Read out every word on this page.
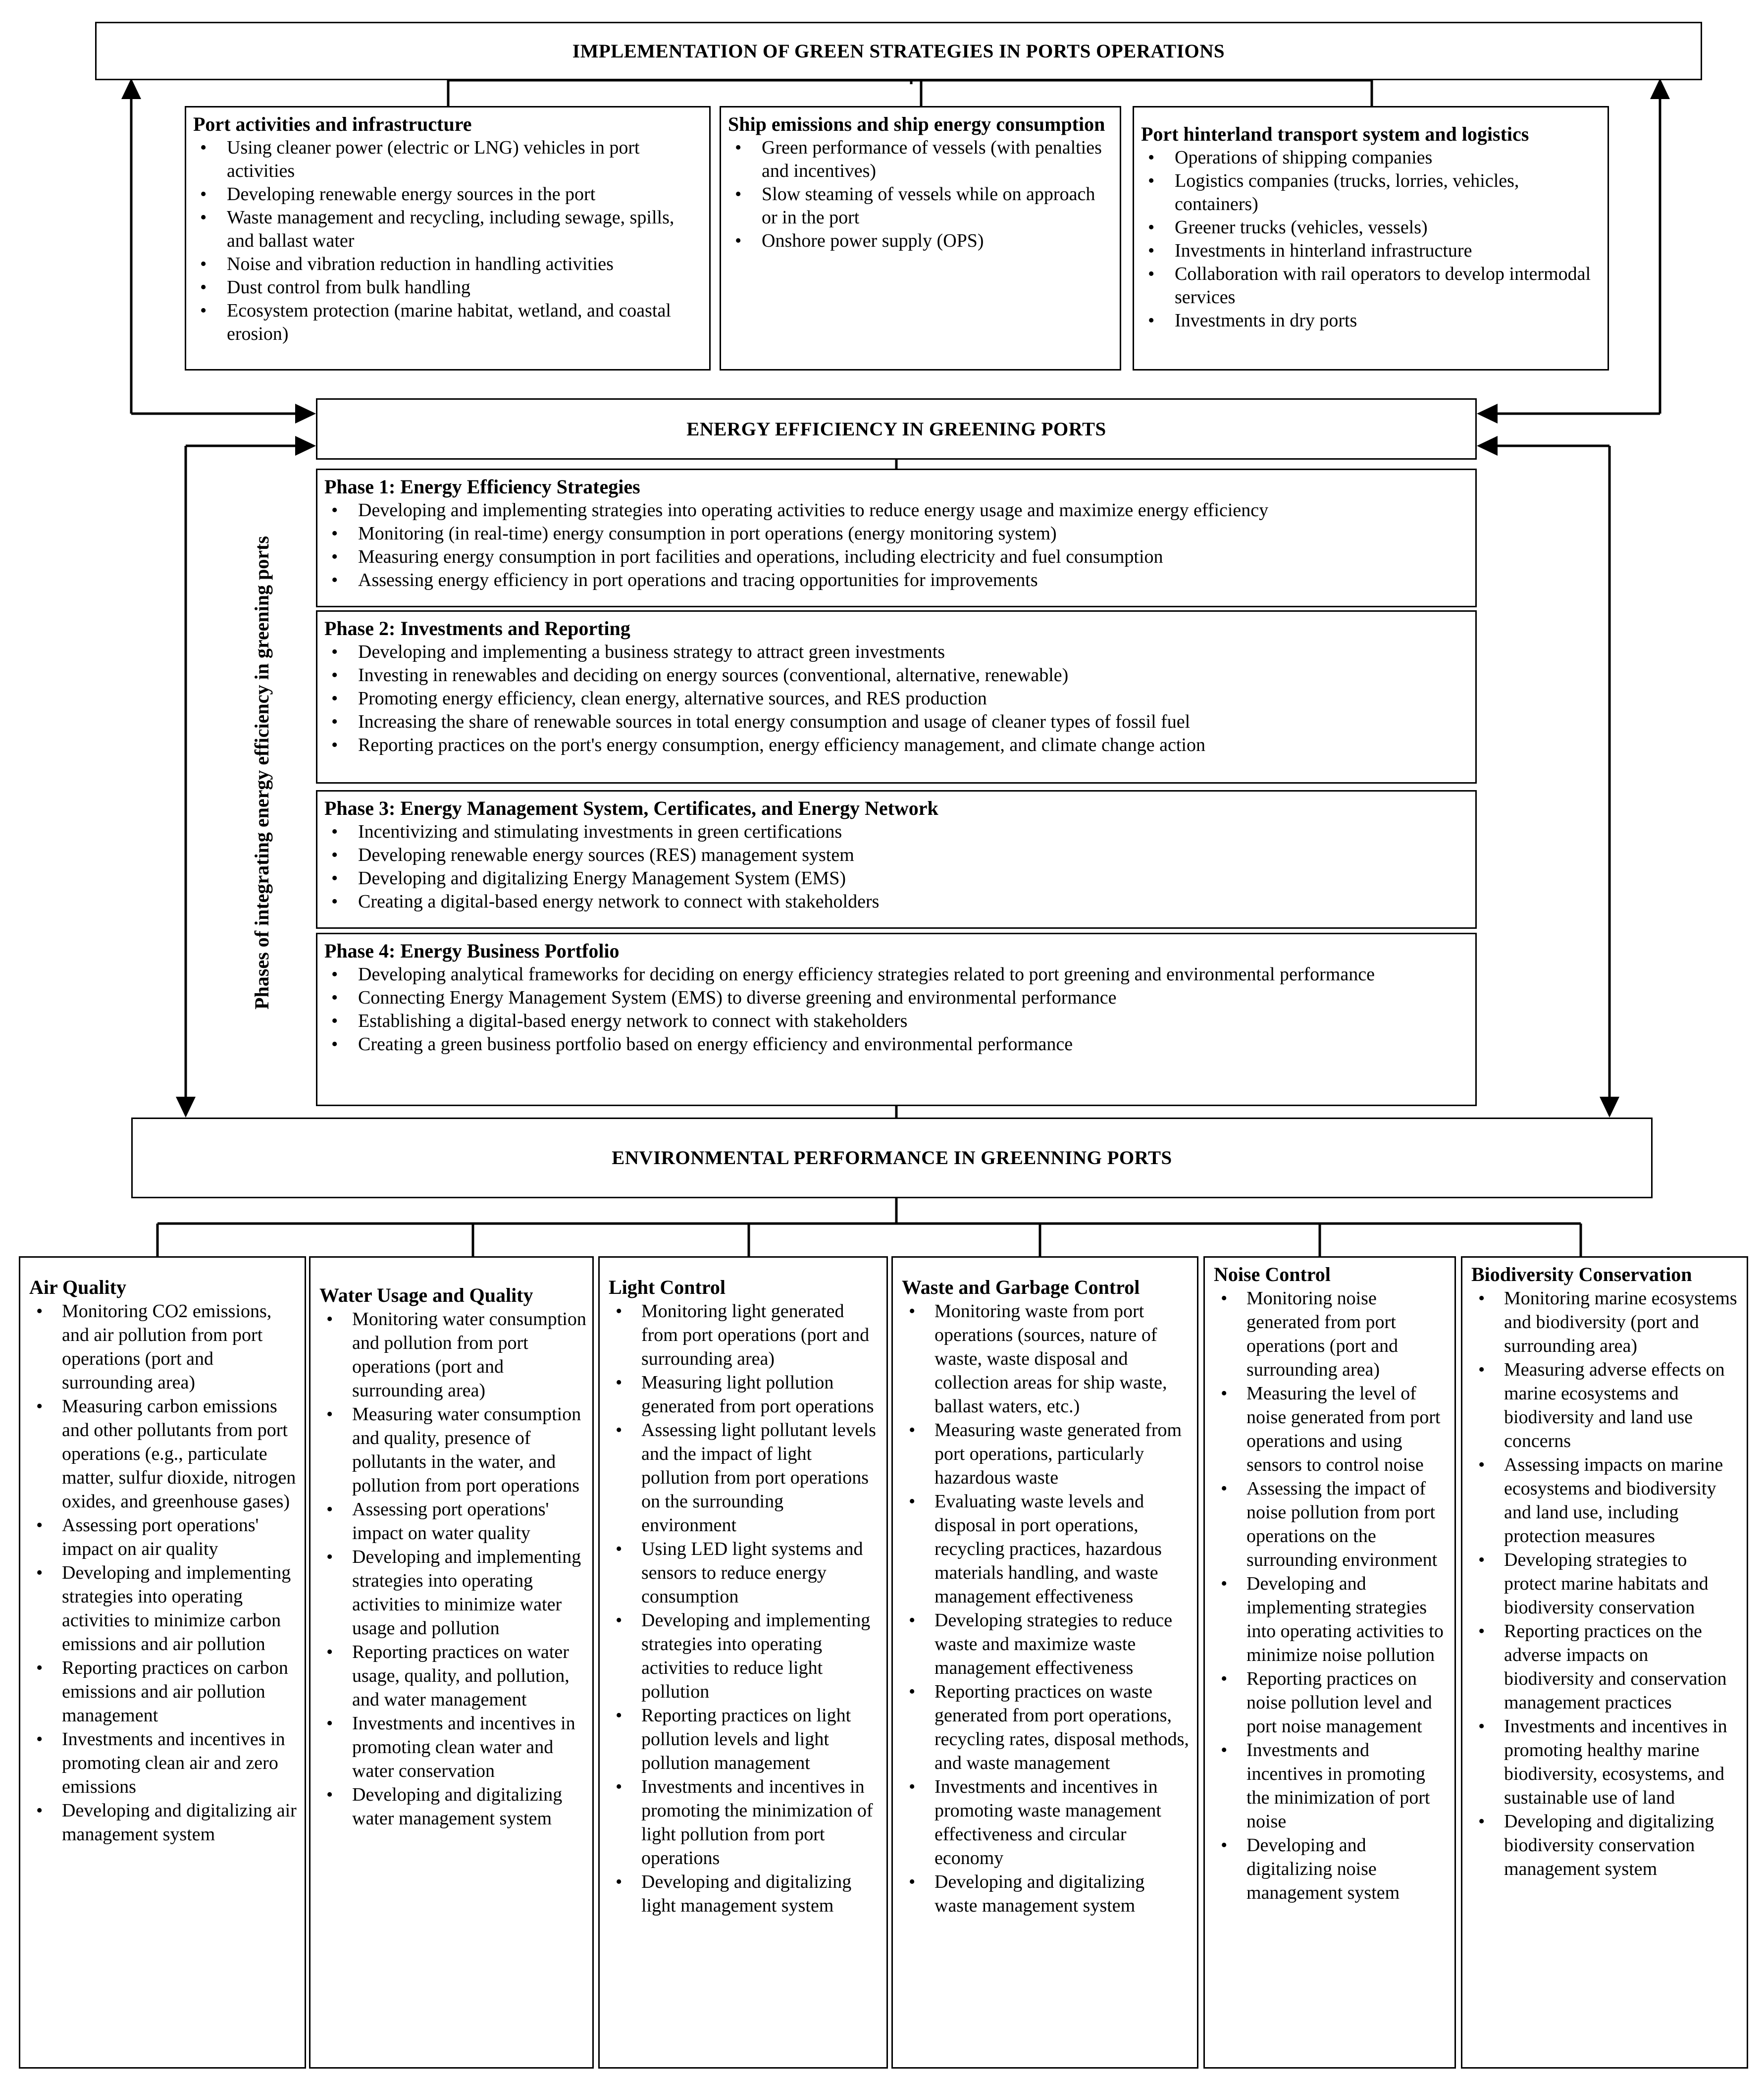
IMPLEMENTATION OF GREEN STRATEGIES IN PORTS OPERATIONS
Port activities and infrastructure
• Using cleaner power (electric or LNG) vehicles in port activities
• Developing renewable energy sources in the port
• Waste management and recycling, including sewage, spills, and ballast water
• Noise and vibration reduction in handling activities
• Dust control from bulk handling
• Ecosystem protection (marine habitat, wetland, and coastal erosion)
Ship emissions and ship energy consumption
• Green performance of vessels (with penalties and incentives)
• Slow steaming of vessels while on approach or in the port
• Onshore power supply (OPS)
Port hinterland transport system and logistics
• Operations of shipping companies
• Logistics companies (trucks, lorries, vehicles, containers)
• Greener trucks (vehicles, vessels)
• Investments in hinterland infrastructure
• Collaboration with rail operators to develop intermodal services
• Investments in dry ports
ENERGY EFFICIENCY IN GREENING PORTS
Phases of integrating energy efficiency in greening ports
Phase 1: Energy Efficiency Strategies
• Developing and implementing strategies into operating activities to reduce energy usage and maximize energy efficiency
• Monitoring (in real-time) energy consumption in port operations (energy monitoring system)
• Measuring energy consumption in port facilities and operations, including electricity and fuel consumption
• Assessing energy efficiency in port operations and tracing opportunities for improvements
Phase 2: Investments and Reporting
• Developing and implementing a business strategy to attract green investments
• Investing in renewables and deciding on energy sources (conventional, alternative, renewable)
• Promoting energy efficiency, clean energy, alternative sources, and RES production
• Increasing the share of renewable sources in total energy consumption and usage of cleaner types of fossil fuel
• Reporting practices on the port's energy consumption, energy efficiency management, and climate change action
Phase 3: Energy Management System, Certificates, and Energy Network
• Incentivizing and stimulating investments in green certifications
• Developing renewable energy sources (RES) management system
• Developing and digitalizing Energy Management System (EMS)
• Creating a digital-based energy network to connect with stakeholders
Phase 4: Energy Business Portfolio
• Developing analytical frameworks for deciding on energy efficiency strategies related to port greening and environmental performance
• Connecting Energy Management System (EMS) to diverse greening and environmental performance
• Establishing a digital-based energy network to connect with stakeholders
• Creating a green business portfolio based on energy efficiency and environmental performance
ENVIRONMENTAL PERFORMANCE IN GREENNING PORTS
Air Quality
• Monitoring CO2 emissions, and air pollution from port operations (port and surrounding area)
• Measuring carbon emissions and other pollutants from port operations (e.g., particulate matter, sulfur dioxide, nitrogen oxides, and greenhouse gases)
• Assessing port operations' impact on air quality
• Developing and implementing strategies into operating activities to minimize carbon emissions and air pollution
• Reporting practices on carbon emissions and air pollution management
• Investments and incentives in promoting clean air and zero emissions
• Developing and digitalizing air management system
Water Usage and Quality
• Monitoring water consumption and pollution from port operations (port and surrounding area)
• Measuring water consumption and quality, presence of pollutants in the water, and pollution from port operations
• Assessing port operations' impact on water quality
• Developing and implementing strategies into operating activities to minimize water usage and pollution
• Reporting practices on water usage, quality, and pollution, and water management
• Investments and incentives in promoting clean water and water conservation
• Developing and digitalizing water management system
Light Control
• Monitoring light generated from port operations (port and surrounding area)
• Measuring light pollution generated from port operations
• Assessing light pollutant levels and the impact of light pollution from port operations on the surrounding environment
• Using LED light systems and sensors to reduce energy consumption
• Developing and implementing strategies into operating activities to reduce light pollution
• Reporting practices on light pollution levels and light pollution management
• Investments and incentives in promoting the minimization of light pollution from port operations
• Developing and digitalizing light management system
Waste and Garbage Control
• Monitoring waste from port operations (sources, nature of waste, waste disposal and collection areas for ship waste, ballast waters, etc.)
• Measuring waste generated from port operations, particularly hazardous waste
• Evaluating waste levels and disposal in port operations, recycling practices, hazardous materials handling, and waste management effectiveness
• Developing strategies to reduce waste and maximize waste management effectiveness
• Reporting practices on waste generated from port operations, recycling rates, disposal methods, and waste management
• Investments and incentives in promoting waste management effectiveness and circular economy
• Developing and digitalizing waste management system
Noise Control
• Monitoring noise generated from port operations (port and surrounding area)
• Measuring the level of noise generated from port operations and using sensors to control noise
• Assessing the impact of noise pollution from port operations on the surrounding environment
• Developing and implementing strategies into operating activities to minimize noise pollution
• Reporting practices on noise pollution level and port noise management
• Investments and incentives in promoting the minimization of port noise
• Developing and digitalizing noise management system
Biodiversity Conservation
• Monitoring marine ecosystems and biodiversity (port and surrounding area)
• Measuring adverse effects on marine ecosystems and biodiversity and land use concerns
• Assessing impacts on marine ecosystems and biodiversity and land use, including protection measures
• Developing strategies to protect marine habitats and biodiversity conservation
• Reporting practices on the adverse impacts on biodiversity and conservation management practices
• Investments and incentives in promoting healthy marine biodiversity, ecosystems, and sustainable use of land
• Developing and digitalizing biodiversity conservation management system
